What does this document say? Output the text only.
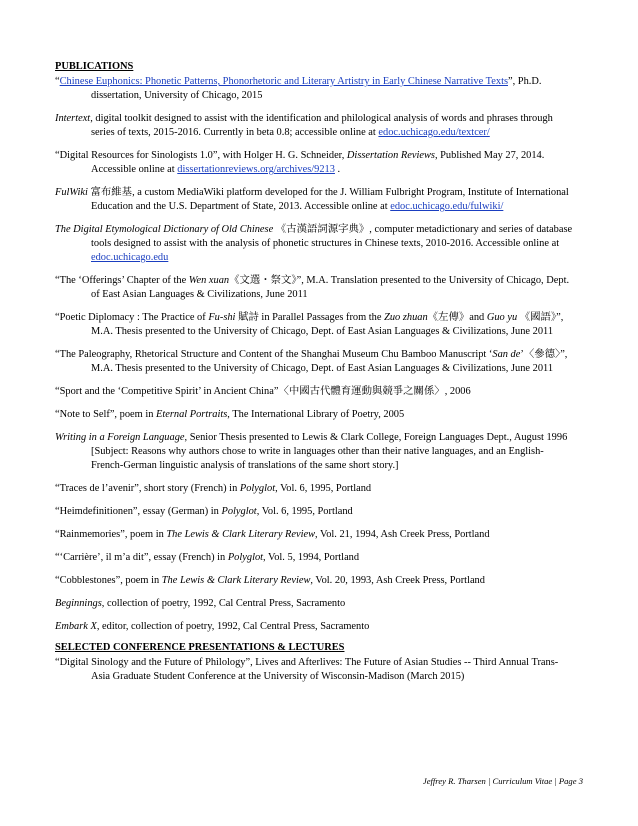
PUBLICATIONS
“Chinese Euphonics: Phonetic Patterns, Phonorhetoric and Literary Artistry in Early Chinese Narrative Texts”, Ph.D. dissertation, University of Chicago, 2015
Intertext, digital toolkit designed to assist with the identification and philological analysis of words and phrases through series of texts, 2015-2016. Currently in beta 0.8; accessible online at edoc.uchicago.edu/textcer/
“Digital Resources for Sinologists 1.0”, with Holger H. G. Schneider, Dissertation Reviews, Published May 27, 2014. Accessible online at dissertationreviews.org/archives/9213 .
FulWiki 富布維基, a custom MediaWiki platform developed for the J. William Fulbright Program, Institute of International Education and the U.S. Department of State, 2013. Accessible online at edoc.uchicago.edu/fulwiki/
The Digital Etymological Dictionary of Old Chinese 《古漢語詞源字典》, computer metadictionary and series of database tools designed to assist with the analysis of phonetic structures in Chinese texts, 2010-2016. Accessible online at edoc.uchicago.edu
“The ‘Offerings’ Chapter of the Wen xuan《文選・祭文》”, M.A. Translation presented to the University of Chicago, Dept. of East Asian Languages & Civilizations, June 2011
“Poetic Diplomacy : The Practice of Fu-shi 賦詩 in Parallel Passages from the Zuo zhuan《左傳》and Guo yu 《國語》”, M.A. Thesis presented to the University of Chicago, Dept. of East Asian Languages & Civilizations, June 2011
“The Paleography, Rhetorical Structure and Content of the Shanghai Museum Chu Bamboo Manuscript ‘San de’〈參德〉”, M.A. Thesis presented to the University of Chicago, Dept. of East Asian Languages & Civilizations, June 2011
“Sport and the ‘Competitive Spirit’ in Ancient China”〈中國古代體育運動與競爭之關係〉, 2006
“Note to Self”, poem in Eternal Portraits, The International Library of Poetry, 2005
Writing in a Foreign Language, Senior Thesis presented to Lewis & Clark College, Foreign Languages Dept., August 1996 [Subject: Reasons why authors chose to write in languages other than their native languages, and an English-French-German linguistic analysis of translations of the same short story.]
“Traces de l’avenir”, short story (French) in Polyglot, Vol. 6, 1995, Portland
“Heimdefinitionen”, essay (German) in Polyglot, Vol. 6, 1995, Portland
“Rainmemories”, poem in The Lewis & Clark Literary Review, Vol. 21, 1994, Ash Creek Press, Portland
“‘Carrière’, il m’a dit”, essay (French) in Polyglot, Vol. 5, 1994, Portland
“Cobblestones”, poem in The Lewis & Clark Literary Review, Vol. 20, 1993, Ash Creek Press, Portland
Beginnings, collection of poetry, 1992, Cal Central Press, Sacramento
Embark X, editor, collection of poetry, 1992, Cal Central Press, Sacramento
SELECTED CONFERENCE PRESENTATIONS & LECTURES
“Digital Sinology and the Future of Philology”, Lives and Afterlives: The Future of Asian Studies -- Third Annual Trans-Asia Graduate Student Conference at the University of Wisconsin-Madison (March 2015)
Jeffrey R. Tharsen | Curriculum Vitae | Page 3
